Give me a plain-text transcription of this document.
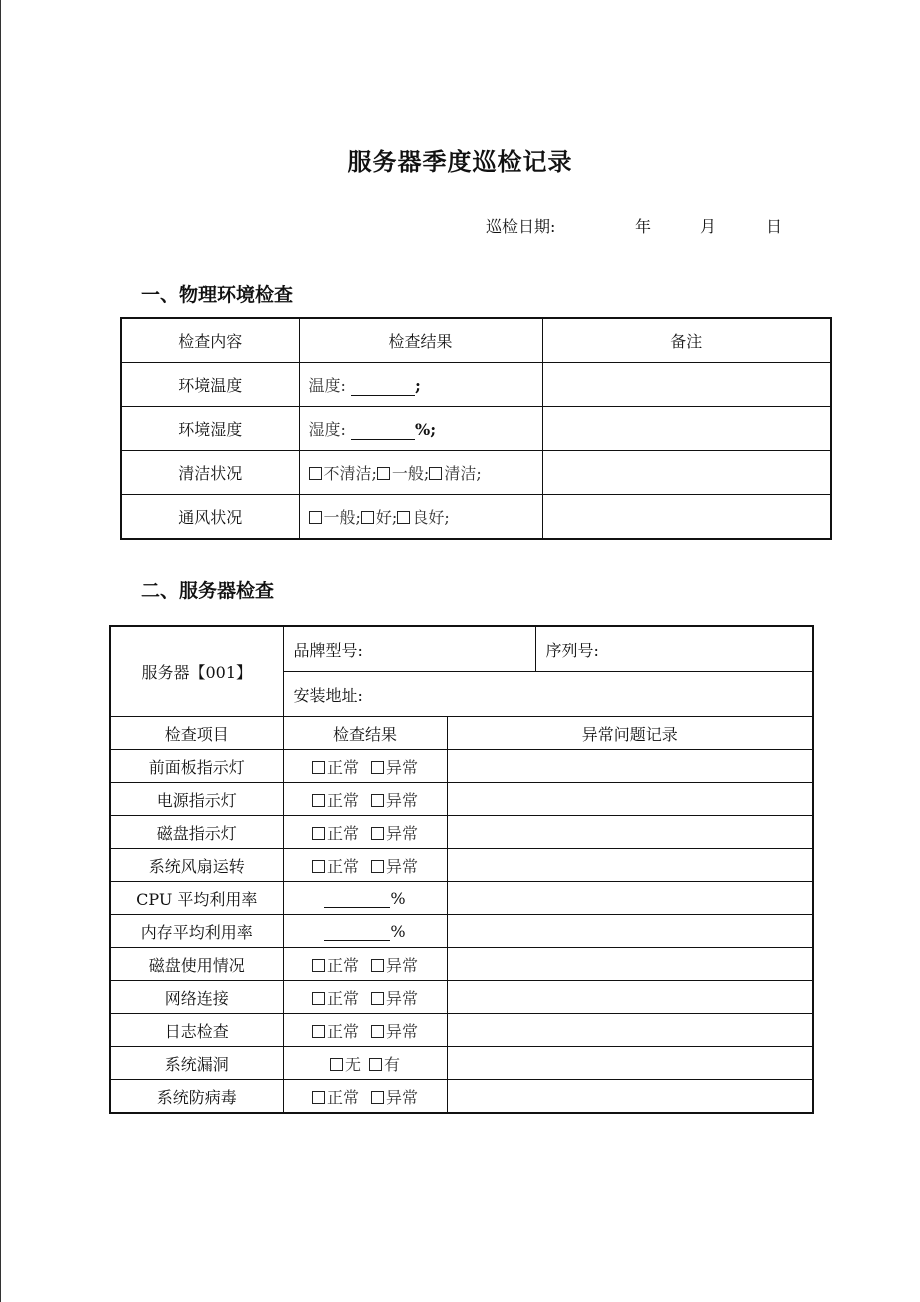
服务器季度巡检记录
巡检日期:	年	月	日
一、物理环境检查
检查内容	检查结果	备注
环境温度	温度: ;	
环境湿度	湿度: %;	
清洁状况	不清洁; 一般; 清洁;	
通风状况	一般; 好; 良好;	
二、服务器检查
服务器【001】	品牌型号:		序列号:
	安装地址:		
检查项目	检查结果	异常问题记录	
前面板指示灯	正常 异常		
电源指示灯	正常 异常		
磁盘指示灯	正常 异常		
系统风扇运转	正常 异常		
CPU 平均利用率	%		
内存平均利用率	%		
磁盘使用情况	正常 异常		
网络连接	正常 异常		
日志检查	正常 异常		
系统漏洞	无 有		
系统防病毒	正常 异常		
